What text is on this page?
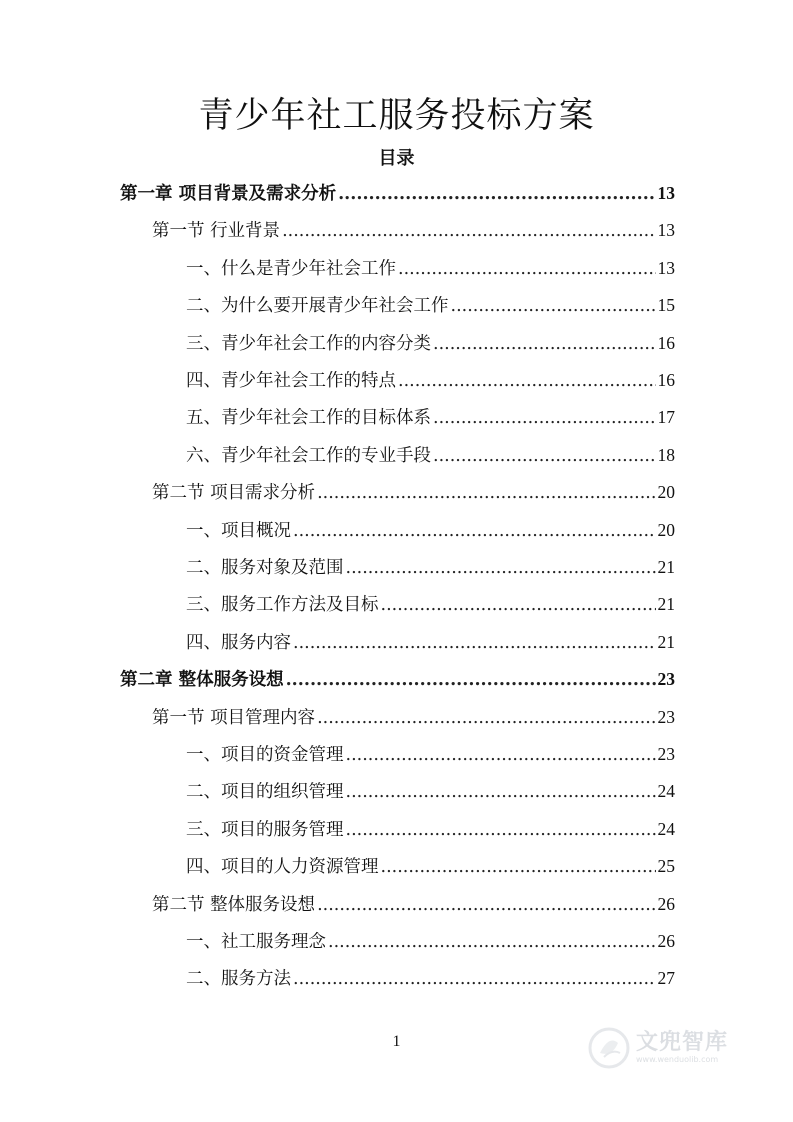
青少年社工服务投标方案
目录
第一章 项目背景及需求分析 .....	13
第一节 行业背景 .....	13
一、什么是青少年社会工作 .....	13
二、为什么要开展青少年社会工作 .....	15
三、青少年社会工作的内容分类 .....	16
四、青少年社会工作的特点 .....	16
五、青少年社会工作的目标体系 .....	17
六、青少年社会工作的专业手段 .....	18
第二节 项目需求分析 .....	20
一、项目概况 .....	20
二、服务对象及范围 .....	21
三、服务工作方法及目标 .....	21
四、服务内容 .....	21
第二章 整体服务设想 .....	23
第一节 项目管理内容 .....	23
一、项目的资金管理 .....	23
二、项目的组织管理 .....	24
三、项目的服务管理 .....	24
四、项目的人力资源管理 .....	25
第二节 整体服务设想 .....	26
一、社工服务理念 .....	26
二、服务方法 .....	27
1	文兜智库
www.wenduolib.com
